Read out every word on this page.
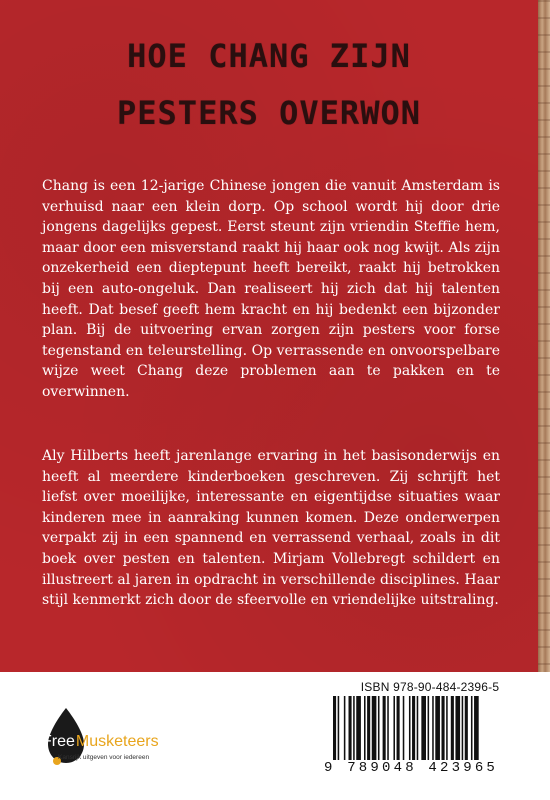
HOE CHANG ZIJN
PESTERS OVERWON

Chang is een 12-jarige Chinese jongen die vanuit Amsterdam is verhuisd naar een klein dorp. Op school wordt hij door drie jongens dagelijks gepest. Eerst steunt zijn vriendin Steffie hem, maar door een misverstand raakt hij haar ook nog kwijt. Als zijn onzekerheid een dieptepunt heeft bereikt, raakt hij betrokken bij een auto-ongeluk. Dan realiseert hij zich dat hij talenten heeft. Dat besef geeft hem kracht en hij bedenkt een bijzonder plan. Bij de uitvoering ervan zorgen zijn pesters voor forse tegenstand en teleurstelling. Op verrassende en onvoorspelbare wijze weet Chang deze problemen aan te pakken en te overwinnen.

Aly Hilberts heeft jarenlange ervaring in het basisonderwijs en heeft al meerdere kinderboeken geschreven. Zij schrijft het liefst over moeilijke, interessante en eigentijdse situaties waar kinderen mee in aanraking kunnen komen. Deze onderwerpen verpakt zij in een spannend en verrassend verhaal, zoals in dit boek over pesten en talenten. Mirjam Vollebregt schildert en illustreert al jaren in opdracht in verschillende disciplines. Haar stijl kenmerkt zich door de sfeervolle en vriendelijke uitstraling.

FreeMusketeers
Kansrijk uitgeven voor iedereen
ISBN 978-90-484-2396-5
9 789048 423965
